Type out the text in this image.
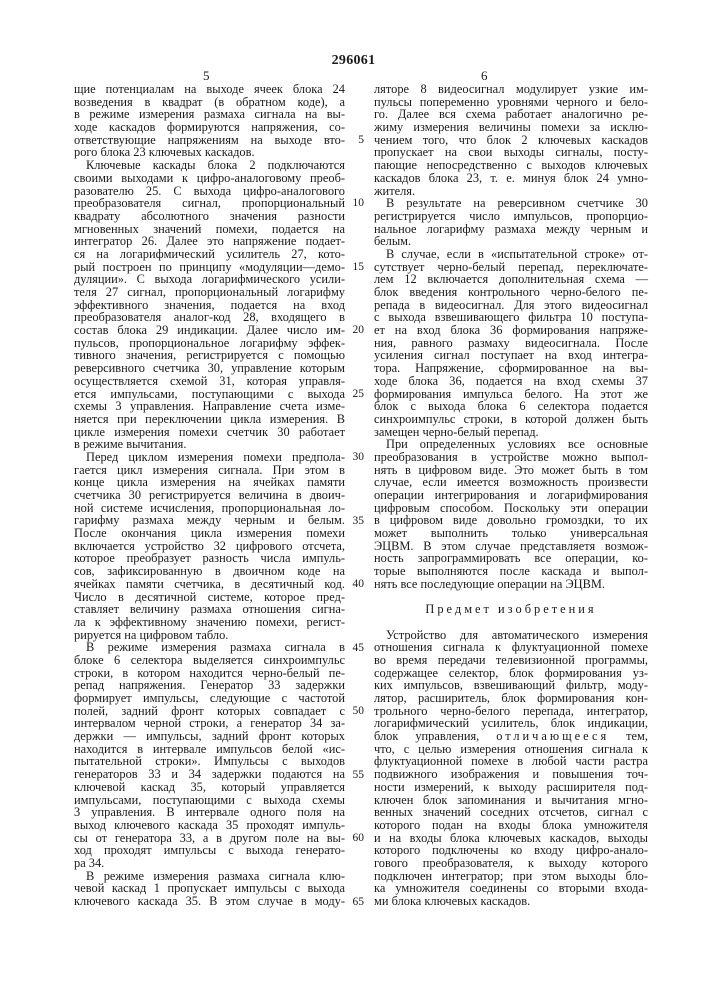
296061
5	6
щие потенциалам на выходе ячеек блока 24
возведения в квадрат (в обратном коде), а
в режиме измерения размаха сигнала на вы-
ходе каскадов формируются напряжения, со-
ответствующие напряжениям на выходе вто-
рого блока 23 ключевых каскадов.
Ключевые каскады блока 2 подключаются
своими выходами к цифро-аналоговому преоб-
разователю 25. С выхода цифро-аналогового
преобразователя сигнал, пропорциональный
квадрату абсолютного значения разности
мгновенных значений помехи, подается на
интегратор 26. Далее это напряжение подает-
ся на логарифмический усилитель 27, кото-
рый построен по принципу «модуляции—демо-
дуляции». С выхода логарифмического усили-
теля 27 сигнал, пропорциональный логарифму
эффективного значения, подается на вход
преобразователя аналог-код 28, входящего в
состав блока 29 индикации. Далее число им-
пульсов, пропорциональное логарифму эффек-
тивного значения, регистрируется с помощью
реверсивного счетчика 30, управление которым
осуществляется схемой 31, которая управля-
ется импульсами, поступающими с выхода
схемы 3 управления. Направление счета изме-
няется при переключении цикла измерения. В
цикле измерения помехи счетчик 30 работает
в режиме вычитания.
Перед циклом измерения помехи предпола-
гается цикл измерения сигнала. При этом в
конце цикла измерения на ячейках памяти
счетчика 30 регистрируется величина в двоич-
ной системе исчисления, пропорциональная ло-
гарифму размаха между черным и белым.
После окончания цикла измерения помехи
включается устройство 32 цифрового отсчета,
которое преобразует разность числа импуль-
сов, зафиксированную в двоичном коде на
ячейках памяти счетчика, в десятичный код.
Число в десятичной системе, которое пред-
ставляет величину размаха отношения сигна-
ла к эффективному значению помехи, регист-
рируется на цифровом табло.
В режиме измерения размаха сигнала в
блоке 6 селектора выделяется синхроимпульс
строки, в котором находится черно-белый пе-
репад напряжения. Генератор 33 задержки
формирует импульсы, следующие с частотой
полей, задний фронт которых совпадает с
интервалом черной строки, а генератор 34 за-
держки — импульсы, задний фронт которых
находится в интервале импульсов белой «ис-
пытательной строки». Импульсы с выходов
генераторов 33 и 34 задержки подаются на
ключевой каскад 35, который управляется
импульсами, поступающими с выхода схемы
3 управления. В интервале одного поля на
выход ключевого каскада 35 проходят импуль-
сы от генератора 33, а в другом поле на вы-
ход проходят импульсы с выхода генерато-
ра 34.
В режиме измерения размаха сигнала клю-
чевой каскад 1 пропускает импульсы с выхода
ключевого каскада 35. В этом случае в моду-
5
10
15
20
25
30
35
40
45
50
55
60
65
ляторе 8 видеосигнал модулирует узкие им-
пульсы попеременно уровнями черного и бело-
го. Далее вся схема работает аналогично ре-
жиму измерения величины помехи за исклю-
чением того, что блок 2 ключевых каскадов
пропускает на свои выходы сигналы, посту-
пающие непосредственно с выходов ключевых
каскадов блока 23, т. е. минуя блок 24 умно-
жителя.
В результате на реверсивном счетчике 30
регистрируется число импульсов, пропорцио-
нальное логарифму размаха между черным и
белым.
В случае, если в «испытательной строке» от-
сутствует черно-белый перепад, переключате-
лем 12 включается дополнительная схема —
блок введения контрольного черно-белого пе-
репада в видеосигнал. Для этого видеосигнал
с выхода взвешивающего фильтра 10 поступа-
ет на вход блока 36 формирования напряже-
ния, равного размаху видеосигнала. После
усиления сигнал поступает на вход интегра-
тора. Напряжение, сформированное на вы-
ходе блока 36, подается на вход схемы 37
формирования импульса белого. На этот же
блок с выхода блока 6 селектора подается
синхроимпульс строки, в которой должен быть
замещен черно-белый перепад.
При определенных условиях все основные
преобразования в устройстве можно выпол-
нять в цифровом виде. Это может быть в том
случае, если имеется возможность произвести
операции интегрирования и логарифмирования
цифровым способом. Поскольку эти операции
в цифровом виде довольно громоздки, то их
может выполнить только универсальная
ЭЦВМ. В этом случае представляетя возмож-
ность запрограммировать все операции, ко-
торые выполняются после каскада и выпол-
нять все последующие операции на ЭЦВМ.
Предмет изобретения
Устройство для автоматического измерения
отношения сигнала к флуктуационной помехе
во время передачи телевизионной программы,
содержащее селектор, блок формирования уз-
ких импульсов, взвешивающий фильтр, моду-
лятор, расширитель, блок формирования кон-
трольного черно-белого перепада, интегратор,
логарифмический усилитель, блок индикации,
блок управления, отличающееся тем,
что, с целью измерения отношения сигнала к
флуктуационной помехе в любой части растра
подвижного изображения и повышения точ-
ности измерений, к выходу расширителя под-
ключен блок запоминания и вычитания мгно-
венных значений соседних отсчетов, сигнал с
которого подан на входы блока умножителя
и на входы блока ключевых каскадов, выходы
которого подключены ко входу цифро-анало-
гового преобразователя, к выходу которого
подключен интегратор; при этом выходы бло-
ка умножителя соединены со вторыми входа-
ми блока ключевых каскадов.
